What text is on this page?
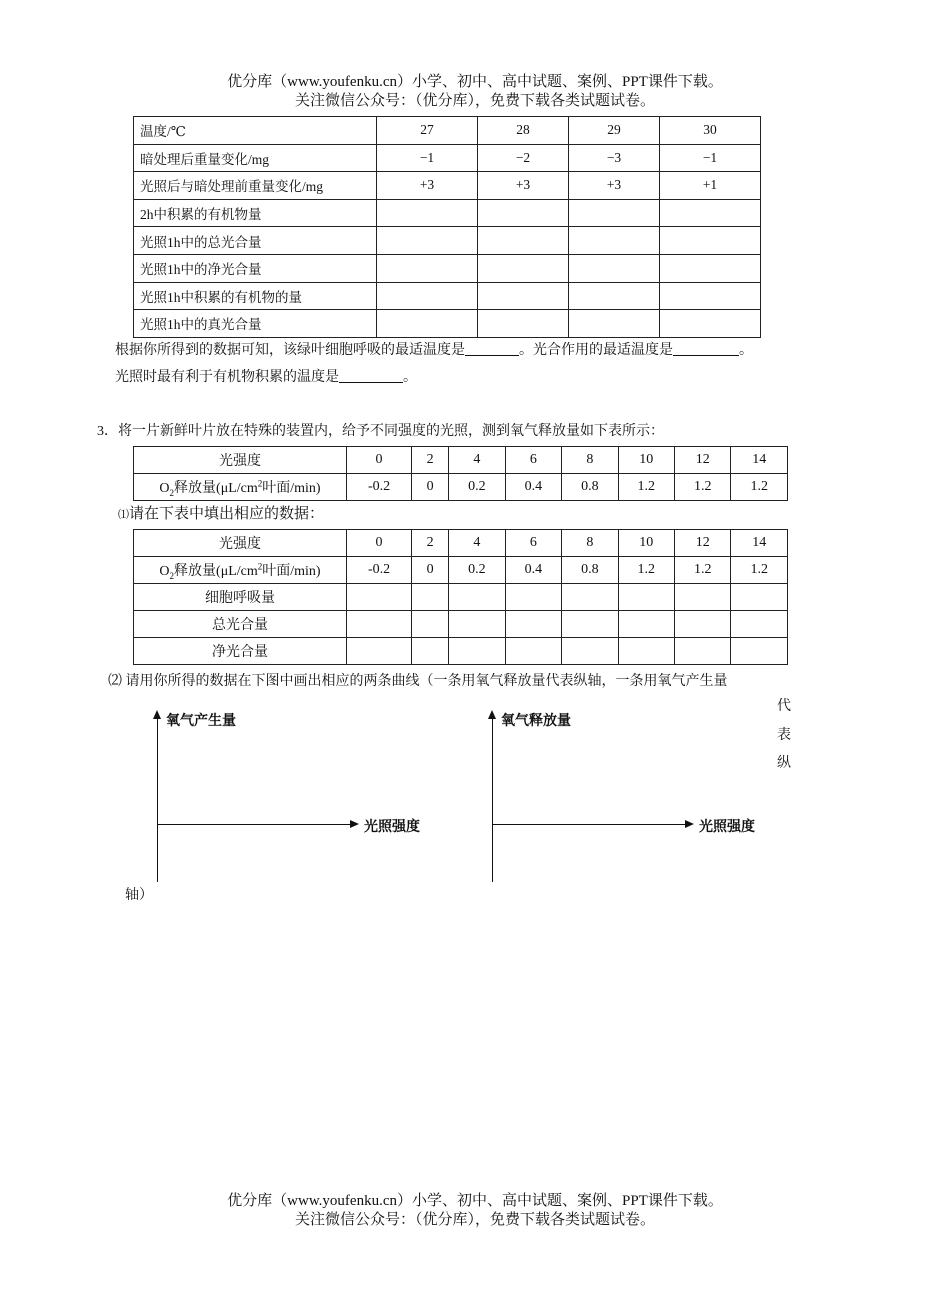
优分库（www.youfenku.cn）小学、初中、高中试题、案例、PPT课件下载。
关注微信公众号：（优分库），免费下载各类试题试卷。
温度/℃	27	28	29	30
暗处理后重量变化/mg	−1	−2	−3	−1
光照后与暗处理前重量变化/mg	+3	+3	+3	+1
2h中积累的有机物量				
光照1h中的总光合量				
光照1h中的净光合量				
光照1h中积累的有机物的量				
光照1h中的真光合量				
根据你所得到的数据可知，该绿叶细胞呼吸的最适温度是	。光合作用的最适温度是	。
光照时最有利于有机物积累的温度是	。
3．将一片新鲜叶片放在特殊的装置内，给予不同强度的光照，测到氧气释放量如下表所示：
光强度	0	2	4	6	8	10	12	14
$O_2$释放量($\mu L/cm^2$叶面/min)	-0.2	0	0.2	0.4	0.8	1.2	1.2	1.2
⑴请在下表中填出相应的数据：
光强度	0	2	4	6	8	10	12	14
$O_2$释放量($\mu L/cm^2$叶面/min)	-0.2	0	0.2	0.4	0.8	1.2	1.2	1.2
细胞呼吸量								
总光合量								
净光合量								
⑵ 请用你所得的数据在下图中画出相应的两条曲线（一条用氧气释放量代表纵轴，一条用氧气产生量
代
表
纵
轴）
氧气产生量
光照强度
氧气释放量
光照强度
优分库（www.youfenku.cn）小学、初中、高中试题、案例、PPT课件下载。
关注微信公众号：（优分库），免费下载各类试题试卷。
